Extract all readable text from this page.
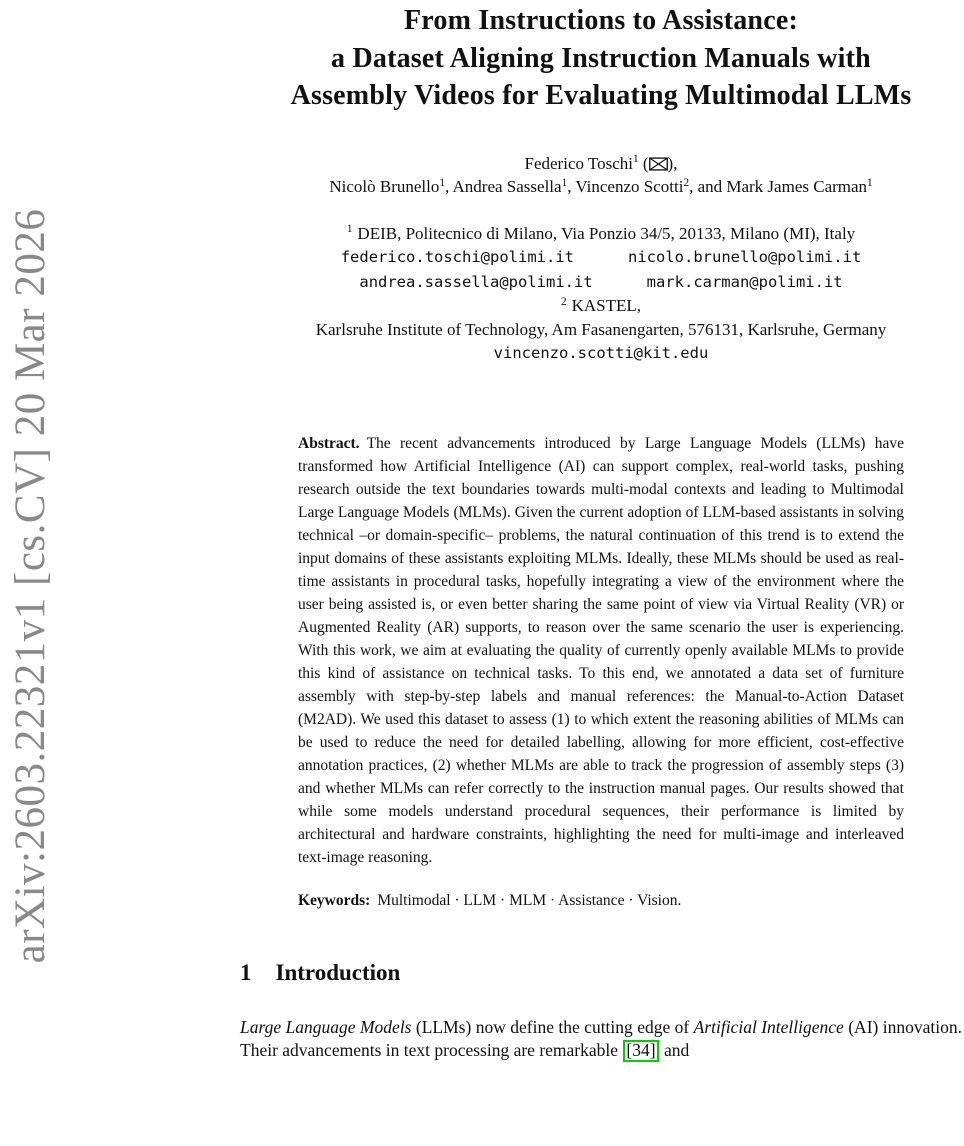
arXiv:2603.22321v1 [cs.CV] 20 Mar 2026
From Instructions to Assistance:
a Dataset Aligning Instruction Manuals with
Assembly Videos for Evaluating Multimodal LLMs
Federico Toschi$^1$ ( ),
Nicolò Brunello$^1$, Andrea Sassella$^1$, Vincenzo Scotti$^2$, and Mark James Carman$^1$
$^1$ DEIB, Politecnico di Milano, Via Ponzio 34/5, 20133, Milano (MI), Italy
federico.toschi@polimi.it	nicolo.brunello@polimi.it
andrea.sassella@polimi.it	mark.carman@polimi.it
$^2$ KASTEL,
Karlsruhe Institute of Technology, Am Fasanengarten, 576131, Karlsruhe, Germany
vincenzo.scotti@kit.edu
Abstract. The recent advancements introduced by Large Language Models (LLMs) have transformed how Artificial Intelligence (AI) can support complex, real-world tasks, pushing research outside the text boundaries towards multi-modal contexts and leading to Multimodal Large Language Models (MLMs). Given the current adoption of LLM-based assistants in solving technical –or domain-specific– problems, the natural continuation of this trend is to extend the input domains of these assistants exploiting MLMs. Ideally, these MLMs should be used as real-time assistants in procedural tasks, hopefully integrating a view of the environment where the user being assisted is, or even better sharing the same point of view via Virtual Reality (VR) or Augmented Reality (AR) supports, to reason over the same scenario the user is experiencing. With this work, we aim at evaluating the quality of currently openly available MLMs to provide this kind of assistance on technical tasks. To this end, we annotated a data set of furniture assembly with step-by-step labels and manual references: the Manual-to-Action Dataset (M2AD). We used this dataset to assess (1) to which extent the reasoning abilities of MLMs can be used to reduce the need for detailed labelling, allowing for more efficient, cost-effective annotation practices, (2) whether MLMs are able to track the progression of assembly steps (3) and whether MLMs can refer correctly to the instruction manual pages. Our results showed that while some models understand procedural sequences, their performance is limited by architectural and hardware constraints, highlighting the need for multi-image and interleaved text-image reasoning.
Keywords: Multimodal · LLM · MLM · Assistance · Vision.
1 Introduction

Large Language Models (LLMs) now define the cutting edge of Artificial Intelligence (AI) innovation. Their advancements in text processing are remarkable [34] and
